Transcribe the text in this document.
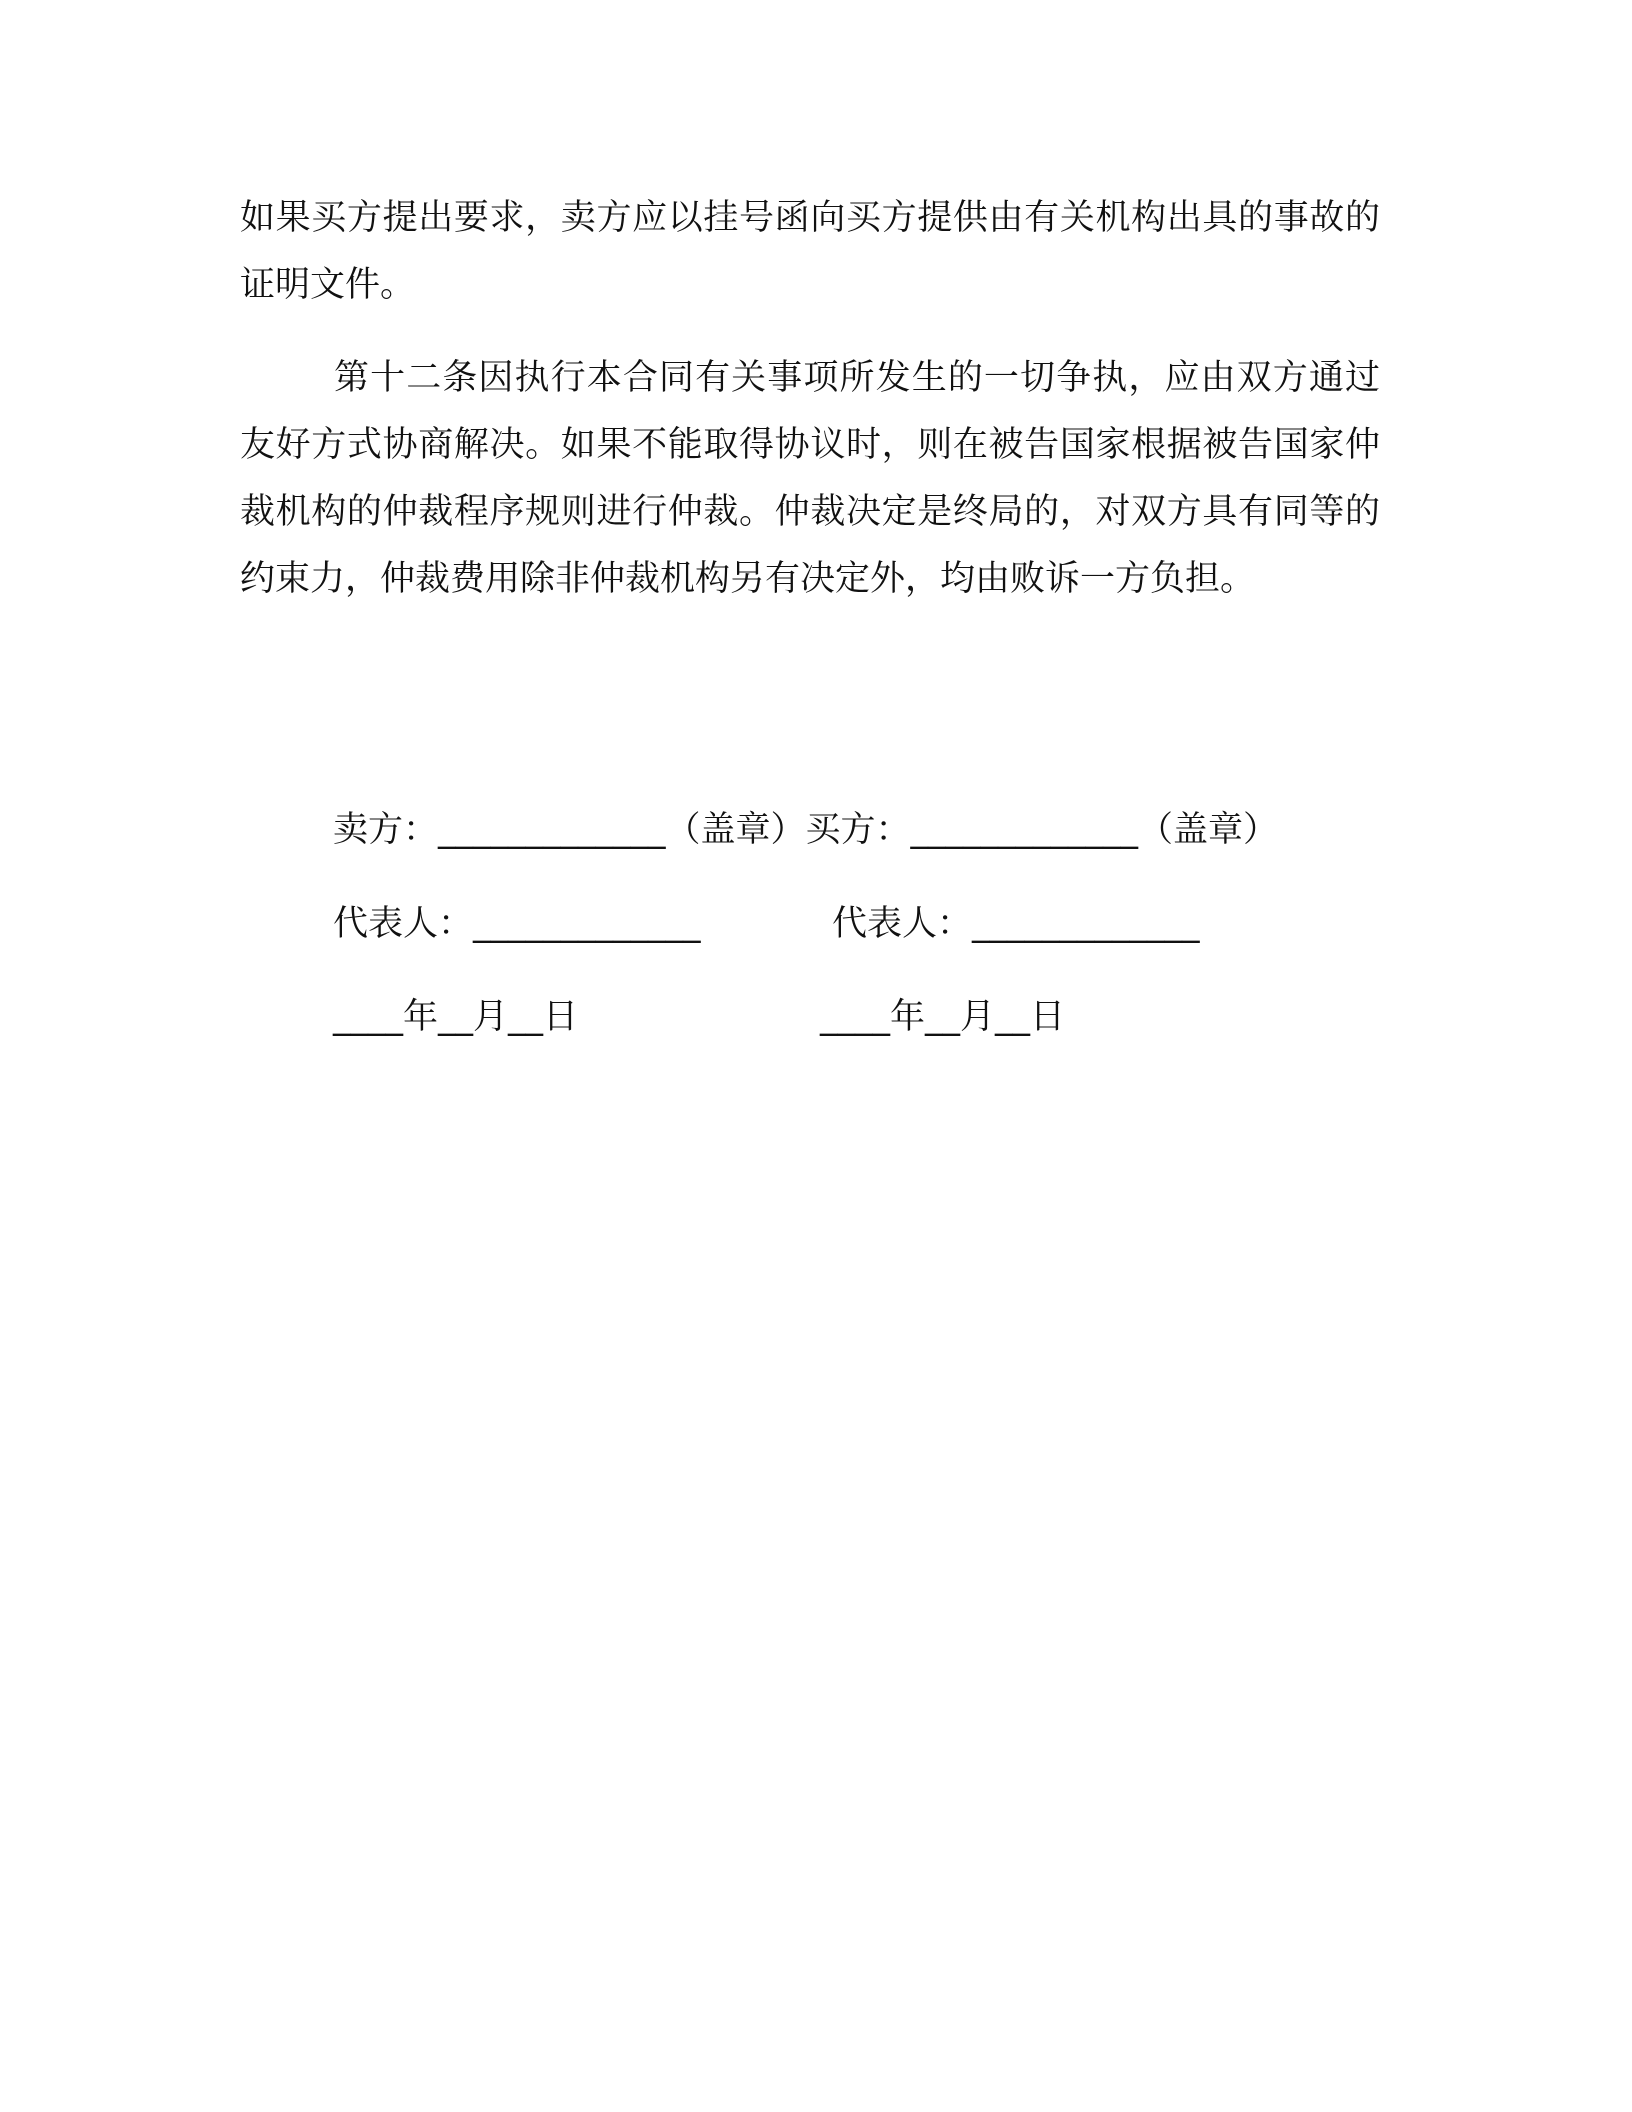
如果买方提出要求，卖方应以挂号函向买方提供由有关机构出具的事故的证明文件。

第十二条因执行本合同有关事项所发生的一切争执，应由双方通过友好方式协商解决。如果不能取得协议时，则在被告国家根据被告国家仲裁机构的仲裁程序规则进行仲裁。仲裁决定是终局的，对双方具有同等的约束力，仲裁费用除非仲裁机构另有决定外，均由败诉一方负担。

卖方：_____________（盖章）买方：_____________（盖章）
代表人：_____________	代表人：_____________
____年__月__日	____年__月__日
